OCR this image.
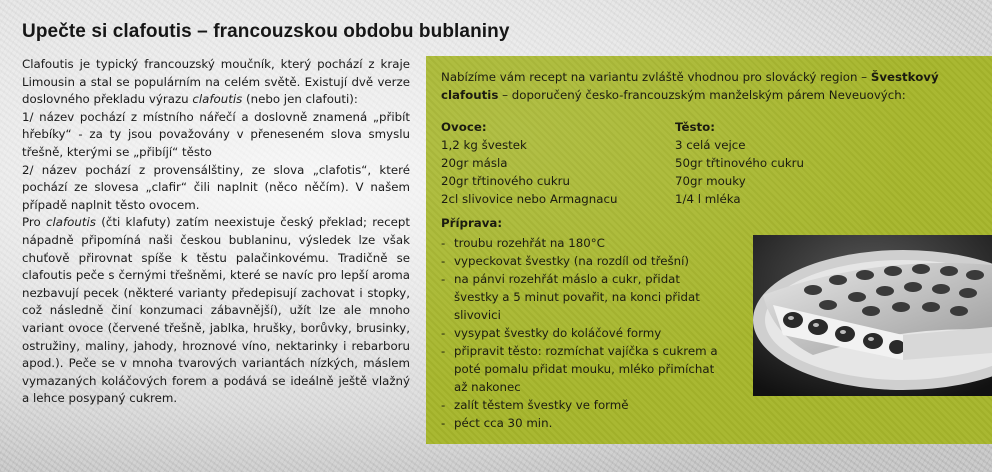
Upečte si clafoutis – francouzskou obdobu bublaniny

Clafoutis je typický francouzský moučník, který pochází z kraje Limousin a stal se populárním na celém světě. Existují dvě verze doslovného překladu výrazu clafoutis (nebo jen clafouti):

1/ název pochází z místního nářečí a doslovně znamená „přibít hřebíky“ - za ty jsou považovány v přeneseném slova smyslu třešně, kterými se „přibíjí“ těsto

2/ název pochází z provensálštiny, ze slova „clafotis“, které pochází ze slovesa „clafir“ čili naplnit (něco něčím). V našem případě naplnit těsto ovocem.

Pro clafoutis (čti klafuty) zatím neexistuje český překlad; recept nápadně připomíná naši českou bublaninu, výsledek lze však chuťově přirovnat spíše k těstu palačinkovému. Tradičně se clafoutis peče s černými třešněmi, které se navíc pro lepší aroma nezbavují pecek (některé varianty předepisují zachovat i stopky, což následně činí konzumaci zábavnější), užít lze ale mnoho variant ovoce (červené třešně, jablka, hrušky, borůvky, brusinky, ostružiny, maliny, jahody, hroznové víno, nektarinky i rebarboru apod.). Peče se v mnoha tvarových variantách nízkých, máslem vymazaných koláčových forem a podává se ideálně ještě vlažný a lehce posypaný cukrem.

Nabízíme vám recept na variantu zvláště vhodnou pro slovácký region – Švestkový clafoutis – doporučený česko-francouzským manželským párem Neveuových:
Ovoce:
1,2 kg švestek
20gr másla
20gr třtinového cukru
2cl slivovice nebo Armagnacu
Těsto:
3 celá vejce
50gr třtinového cukru
70gr mouky
1/4 l mléka
Příprava:
- troubu rozehřát na 180°C
- vypeckovat švestky (na rozdíl od třešní)
- na pánvi rozehřát máslo a cukr, přidat švestky a 5 minut povařit, na konci přidat slivovici
- vysypat švestky do koláčové formy
- připravit těsto: rozmíchat vajíčka s cukrem a poté pomalu přidat mouku, mléko přimíchat až nakonec
- zalít těstem švestky ve formě
- péct cca 30 min.
